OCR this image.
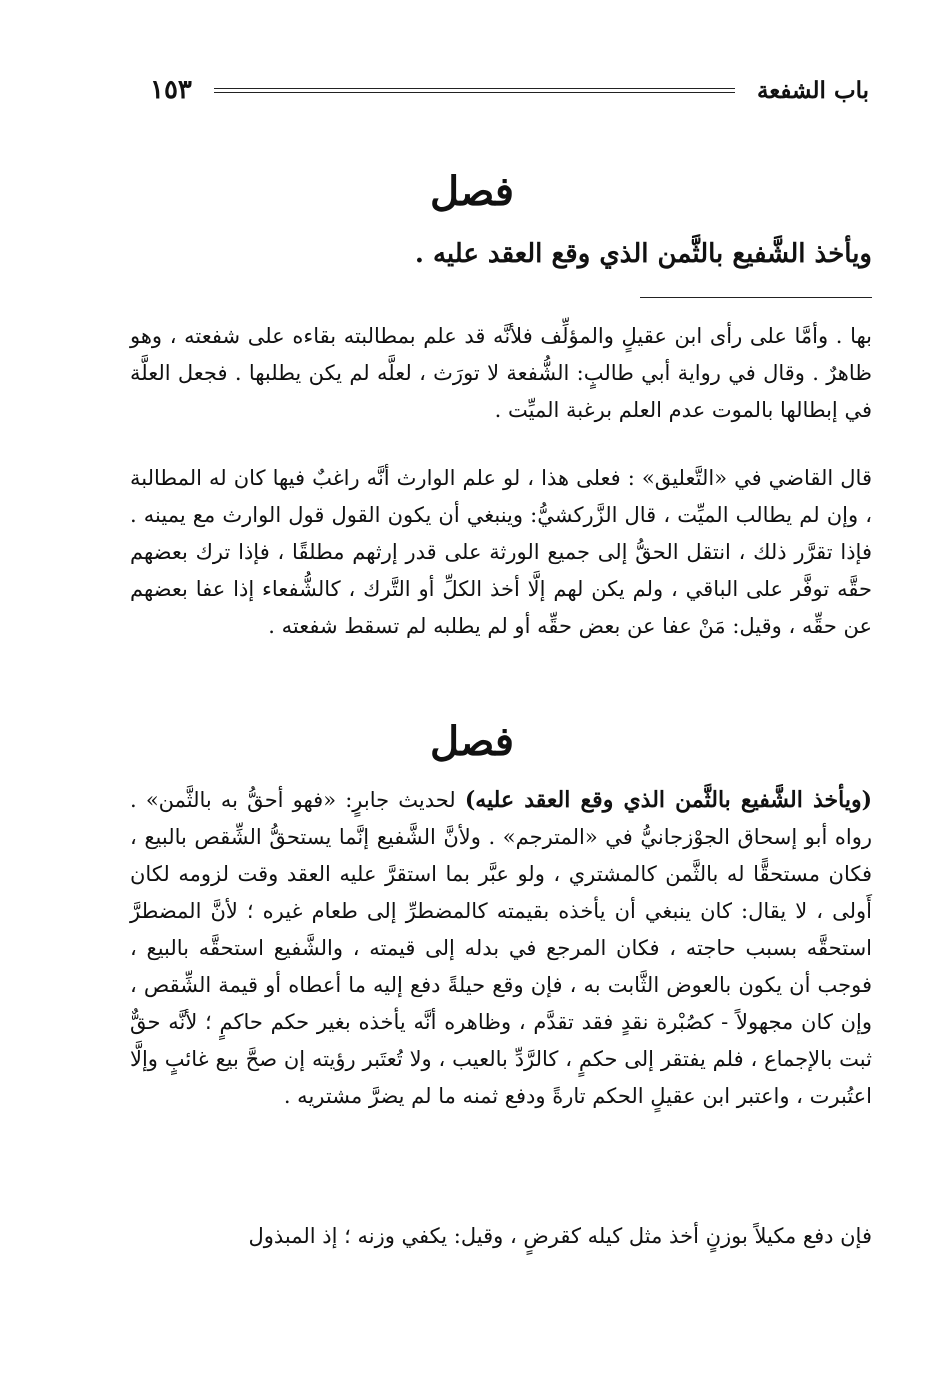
باب الشفعة
١٥٣
فصل
ويأخذ الشَّفيع بالثَّمن الذي وقع العقد عليه .
بها . وأمَّا على رأى ابن عقيلٍ والمؤلِّف فلأنَّه قد علم بمطالبته بقاءه على شفعته ، وهو ظاهرٌ . وقال في رواية أبي طالبٍ: الشُّفعة لا تورَث ، لعلَّه لم يكن يطلبها . فجعل العلَّة في إبطالها بالموت عدم العلم برغبة الميِّت .
قال القاضي في «التَّعليق» : فعلى هذا ، لو علم الوارث أنَّه راغبٌ فيها كان له المطالبة ، وإن لم يطالب الميِّت ، قال الزَّركشيُّ: وينبغي أن يكون القول قول الوارث مع يمينه . فإذا تقرَّر ذلك ، انتقل الحقُّ إلى جميع الورثة على قدر إرثهم مطلقًا ، فإذا ترك بعضهم حقَّه توفَّر على الباقي ، ولم يكن لهم إلَّا أخذ الكلِّ أو التَّرك ، كالشُّفعاء إذا عفا بعضهم عن حقِّه ، وقيل: مَنْ عفا عن بعض حقِّه أو لم يطلبه لم تسقط شفعته .
فصل
(ويأخذ الشَّفيع بالثَّمن الذي وقع العقد عليه) لحديث جابرٍ: «فهو أحقُّ به بالثَّمن» . رواه أبو إسحاق الجوْزجانيُّ في «المترجم» . ولأنَّ الشَّفيع إنَّما يستحقُّ الشِّقص بالبيع ، فكان مستحقًّا له بالثَّمن كالمشتري ، ولو عبَّر بما استقرَّ عليه العقد وقت لزومه لكان أَولى ، لا يقال: كان ينبغي أن يأخذه بقيمته كالمضطرِّ إلى طعام غيره ؛ لأنَّ المضطرَّ استحقَّه بسبب حاجته ، فكان المرجع في بدله إلى قيمته ، والشَّفيع استحقَّه بالبيع ، فوجب أن يكون بالعوض الثَّابت به ، فإن وقع حيلةً دفع إليه ما أعطاه أو قيمة الشِّقص ، وإن كان مجهولاً - كصُبْرة نقدٍ فقد تقدَّم ، وظاهره أنَّه يأخذه بغير حكم حاكمٍ ؛ لأنَّه حقٌّ ثبت بالإجماع ، فلم يفتقر إلى حكمٍ ، كالرَّدِّ بالعيب ، ولا تُعتَبر رؤيته إن صحَّ بيع غائبٍ وإلَّا اعتُبرت ، واعتبر ابن عقيلٍ الحكم تارةً ودفع ثمنه ما لم يضرَّ مشتريه .
فإن دفع مكيلاً بوزنٍ أخذ مثل كيله كقرضٍ ، وقيل: يكفي وزنه ؛ إذ المبذول
